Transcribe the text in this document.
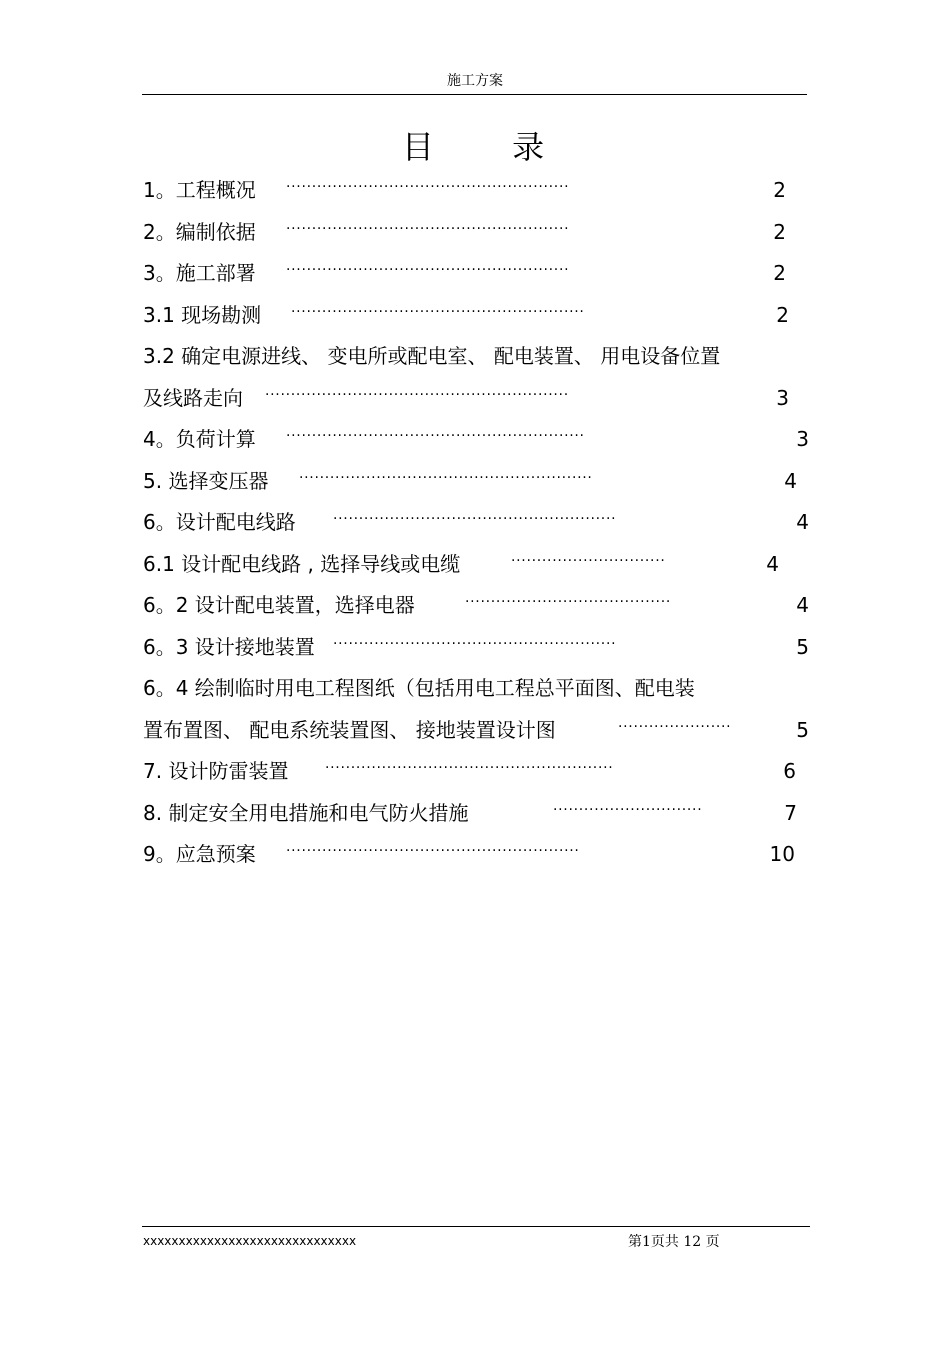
施工方案
目 录
1。工程概况 ·······················································	2
2。编制依据 ·······················································	2
3。施工部署 ·······················································	2
3.1 现场勘测 ·························································	2
3.2 确定电源进线、 变电所或配电室、 配电装置、 用电设备位置
及线路走向 ···························································	3
4。负荷计算 ··························································	3
5. 选择变压器 ·························································	4
6。设计配电线路	·······················································	4
6.1 设计配电线路 , 选择导线或电缆	······························	4
6。2 设计配电装置，选择电器	········································	4
6。3 设计接地装置 ·······················································	5
6。4 绘制临时用电工程图纸（包括用电工程总平面图、配电装
置布置图、 配电系统装置图、 接地装置设计图	······················	5
7. 设计防雷装置	························································	6
8. 制定安全用电措施和电气防火措施	·····························	7
9。应急预案 ·························································	10
xxxxxxxxxxxxxxxxxxxxxxxxxxxxxx	第1页共 12 页
